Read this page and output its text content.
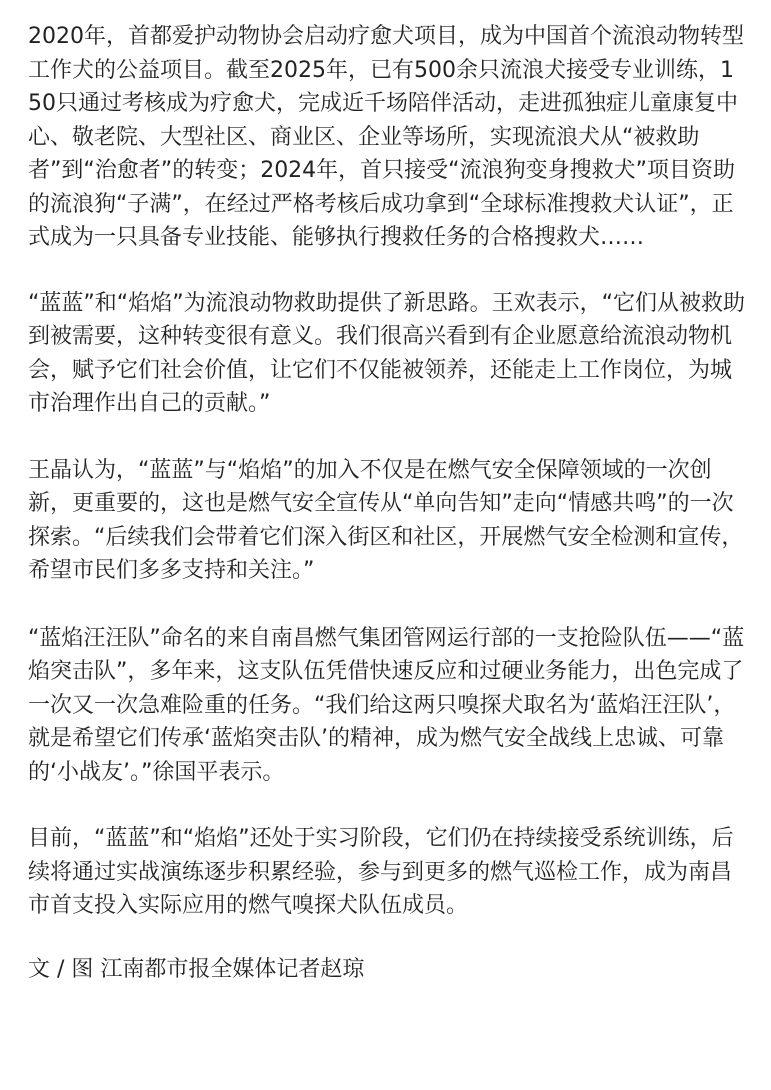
2020年，首都爱护动物协会启动疗愈犬项目，成为中国首个流浪动物转型工作犬的公益项目。截至2025年，已有500余只流浪犬接受专业训练，150只通过考核成为疗愈犬，完成近千场陪伴活动，走进孤独症儿童康复中心、敬老院、大型社区、商业区、企业等场所，实现流浪犬从“被救助者”到“治愈者”的转变；2024年，首只接受“流浪狗变身搜救犬”项目资助的流浪狗“子满”，在经过严格考核后成功拿到“全球标准搜救犬认证”，正式成为一只具备专业技能、能够执行搜救任务的合格搜救犬……

“蓝蓝”和“焰焰”为流浪动物救助提供了新思路。王欢表示，“它们从被救助到被需要，这种转变很有意义。我们很高兴看到有企业愿意给流浪动物机会，赋予它们社会价值，让它们不仅能被领养，还能走上工作岗位，为城市治理作出自己的贡献。”

王晶认为，“蓝蓝”与“焰焰”的加入不仅是在燃气安全保障领域的一次创新，更重要的，这也是燃气安全宣传从“单向告知”走向“情感共鸣”的一次探索。“后续我们会带着它们深入街区和社区，开展燃气安全检测和宣传，希望市民们多多支持和关注。”

“蓝焰汪汪队”命名的来自南昌燃气集团管网运行部的一支抢险队伍——“蓝焰突击队”，多年来，这支队伍凭借快速反应和过硬业务能力，出色完成了一次又一次急难险重的任务。“我们给这两只嗅探犬取名为‘蓝焰汪汪队’，就是希望它们传承‘蓝焰突击队’的精神，成为燃气安全战线上忠诚、可靠的‘小战友’。”徐国平表示。

目前，“蓝蓝”和“焰焰”还处于实习阶段，它们仍在持续接受系统训练，后续将通过实战演练逐步积累经验，参与到更多的燃气巡检工作，成为南昌市首支投入实际应用的燃气嗅探犬队伍成员。

文 / 图 江南都市报全媒体记者赵琼
